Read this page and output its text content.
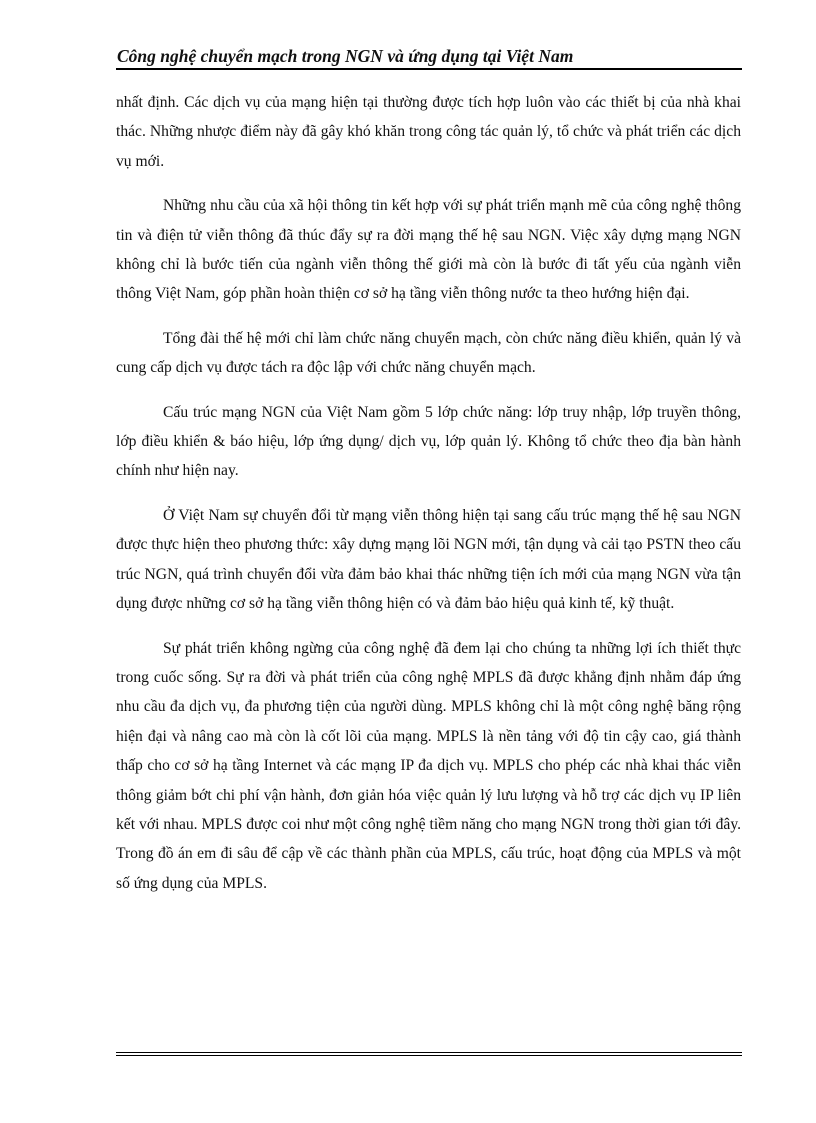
Công nghệ chuyển mạch trong NGN và ứng dụng tại Việt Nam

nhất định. Các dịch vụ của mạng hiện tại thường được tích hợp luôn vào các thiết bị của nhà khai thác. Những nhược điểm này đã gây khó khăn trong công tác quản lý, tổ chức và phát triển các dịch vụ mới.

Những nhu cầu của xã hội thông tin kết hợp với sự phát triển mạnh mẽ của công nghệ thông tin và điện tử viễn thông đã thúc đẩy sự ra đời mạng thế hệ sau NGN. Việc xây dựng mạng NGN không chỉ là bước tiến của ngành viễn thông thế giới mà còn là bước đi tất yếu của ngành viễn thông Việt Nam, góp phần hoàn thiện cơ sở hạ tầng viễn thông nước ta theo hướng hiện đại.

Tổng đài thế hệ mới chỉ làm chức năng chuyển mạch, còn chức năng điều khiển, quản lý và cung cấp dịch vụ được tách ra độc lập với chức năng chuyển mạch.

Cấu trúc mạng NGN của Việt Nam gồm 5 lớp chức năng: lớp truy nhập, lớp truyền thông, lớp điều khiển & báo hiệu, lớp ứng dụng/ dịch vụ, lớp quản lý. Không tổ chức theo địa bàn hành chính như hiện nay.

Ở Việt Nam sự chuyển đổi từ mạng viễn thông hiện tại sang cấu trúc mạng thế hệ sau NGN được thực hiện theo phương thức: xây dựng mạng lõi NGN mới, tận dụng và cải tạo PSTN theo cấu trúc NGN, quá trình chuyển đổi vừa đảm bảo khai thác những tiện ích mới của mạng NGN vừa tận dụng được những cơ sở hạ tầng viễn thông hiện có và đảm bảo hiệu quả kinh tế, kỹ thuật.

Sự phát triển không ngừng của công nghệ đã đem lại cho chúng ta những lợi ích thiết thực trong cuốc sống. Sự ra đời và phát triển của công nghệ MPLS đã được khẳng định nhằm đáp ứng nhu cầu đa dịch vụ, đa phương tiện của người dùng. MPLS không chỉ là một công nghệ băng rộng hiện đại và nâng cao mà còn là cốt lõi của mạng. MPLS là nền tảng với độ tin cậy cao, giá thành thấp cho cơ sở hạ tầng Internet và các mạng IP đa dịch vụ. MPLS cho phép các nhà khai thác viễn thông giảm bớt chi phí vận hành, đơn giản hóa việc quản lý lưu lượng và hỗ trợ các dịch vụ IP liên kết với nhau. MPLS được coi như một công nghệ tiềm năng cho mạng NGN trong thời gian tới đây. Trong đồ án em đi sâu để cập về các thành phần của MPLS, cấu trúc, hoạt động của MPLS và một số ứng dụng của MPLS.
